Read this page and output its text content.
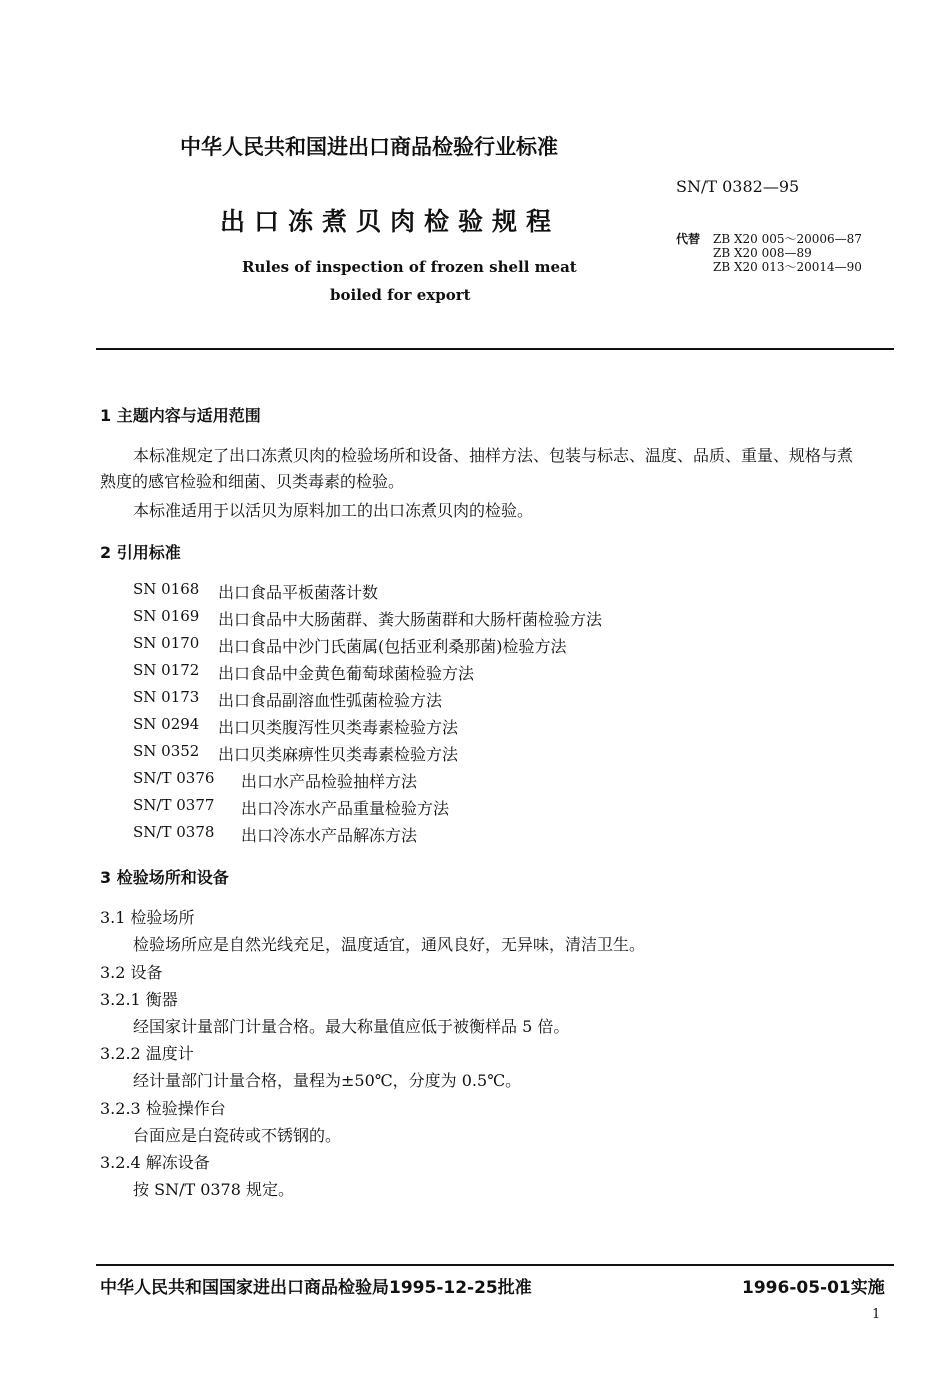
中华人民共和国进出口商品检验行业标准
SN/T 0382—95
出口冻煮贝肉检验规程
Rules of inspection of frozen shell meat
boiled for export
代替 ZB X20 005～20006—87
ZB X20 008—89
ZB X20 013～20014—90
1 主题内容与适用范围
本标准规定了出口冻煮贝肉的检验场所和设备、抽样方法、包装与标志、温度、品质、重量、规格与煮
熟度的感官检验和细菌、贝类毒素的检验。
本标准适用于以活贝为原料加工的出口冻煮贝肉的检验。
2 引用标准
SN 0168 出口食品平板菌落计数
SN 0169 出口食品中大肠菌群、粪大肠菌群和大肠杆菌检验方法
SN 0170 出口食品中沙门氏菌属(包括亚利桑那菌)检验方法
SN 0172 出口食品中金黄色葡萄球菌检验方法
SN 0173 出口食品副溶血性弧菌检验方法
SN 0294 出口贝类腹泻性贝类毒素检验方法
SN 0352 出口贝类麻痹性贝类毒素检验方法
SN/T 0376 出口水产品检验抽样方法
SN/T 0377 出口冷冻水产品重量检验方法
SN/T 0378 出口冷冻水产品解冻方法
3 检验场所和设备
3.1 检验场所
检验场所应是自然光线充足，温度适宜，通风良好，无异味，清洁卫生。
3.2 设备
3.2.1 衡器
经国家计量部门计量合格。最大称量值应低于被衡样品 5 倍。
3.2.2 温度计
经计量部门计量合格，量程为±50℃，分度为 0.5℃。
3.2.3 检验操作台
台面应是白瓷砖或不锈钢的。
3.2.4 解冻设备
按 SN/T 0378 规定。
中华人民共和国国家进出口商品检验局1995-12-25批准	1996-05-01实施
1
